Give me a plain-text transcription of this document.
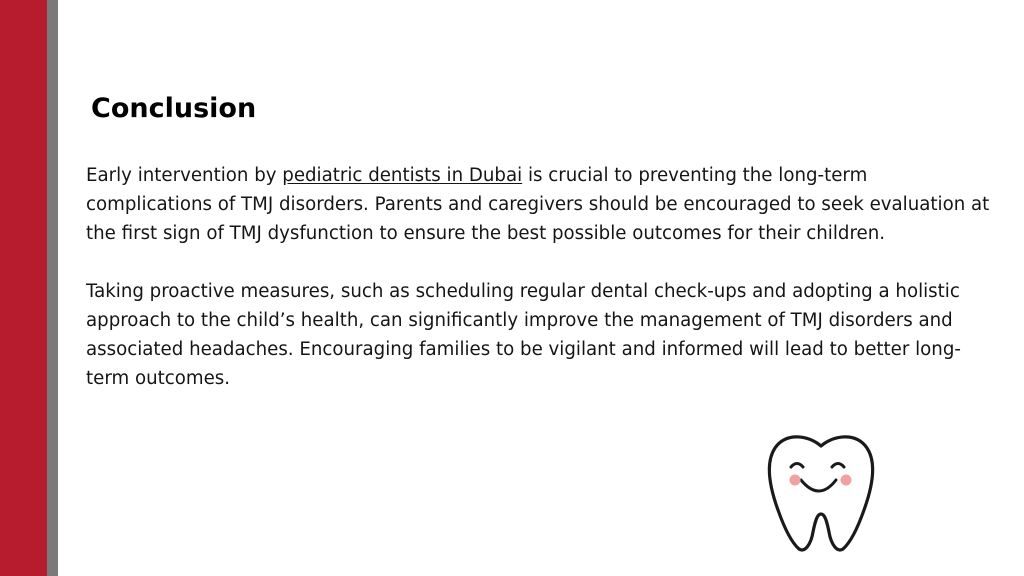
Conclusion

Early intervention by pediatric dentists in Dubai is crucial to preventing the long-term complications of TMJ disorders. Parents and caregivers should be encouraged to seek evaluation at the first sign of TMJ dysfunction to ensure the best possible outcomes for their children.

Taking proactive measures, such as scheduling regular dental check-ups and adopting a holistic approach to the child’s health, can significantly improve the management of TMJ disorders and associated headaches. Encouraging families to be vigilant and informed will lead to better long-term outcomes.
